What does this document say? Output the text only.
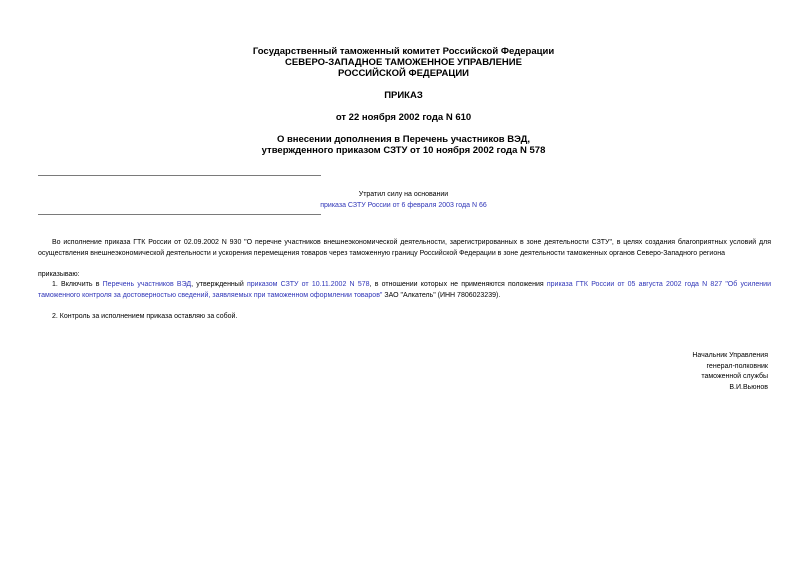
Государственный таможенный комитет Российской Федерации
СЕВЕРО-ЗАПАДНОЕ ТАМОЖЕННОЕ УПРАВЛЕНИЕ
РОССИЙСКОЙ ФЕДЕРАЦИИ
ПРИКАЗ
от 22 ноября 2002 года N 610
О внесении дополнения в Перечень участников ВЭД,
утвержденного приказом СЗТУ от 10 ноября 2002 года N 578
Утратил силу на основании
приказа СЗТУ России от 6 февраля 2003 года N 66

Во исполнение приказа ГТК России от 02.09.2002 N 930 "О перечне участников внешнеэкономической деятельности, зарегистрированных в зоне деятельности СЗТУ", в целях создания благоприятных условий для осуществления внешнеэкономической деятельности и ускорения перемещения товаров через таможенную границу Российской Федерации в зоне деятельности таможенных органов Северо-Западного региона

приказываю:

1. Включить в Перечень участников ВЭД, утвержденный приказом СЗТУ от 10.11.2002 N 578, в отношении которых не применяются положения приказа ГТК России от 05 августа 2002 года N 827 "Об усилении таможенного контроля за достоверностью сведений, заявляемых при таможенном оформлении товаров" ЗАО "Алкатель" (ИНН 7806023239).

2. Контроль за исполнением приказа оставляю за собой.

Начальник Управления
генерал-полковник
таможенной службы
В.И.Вьюнов
